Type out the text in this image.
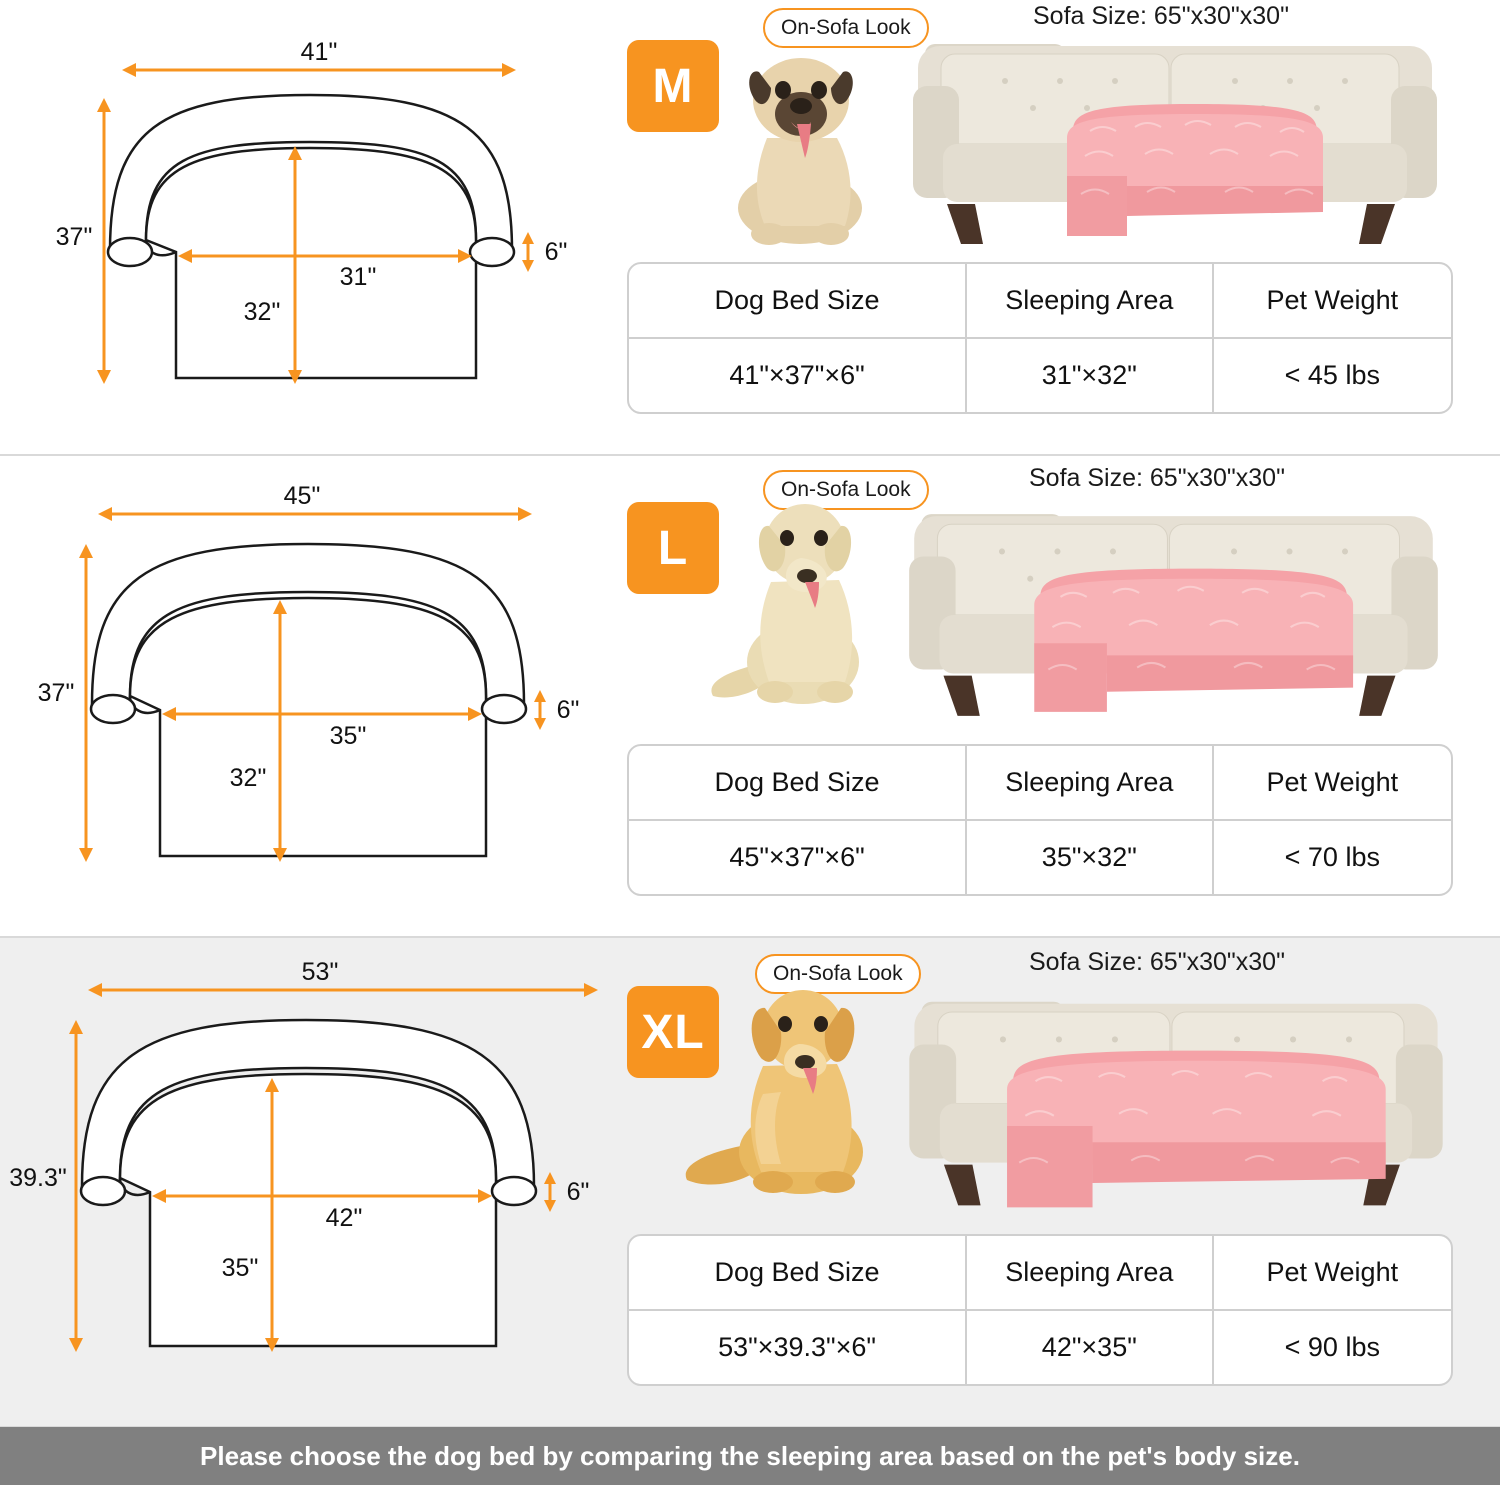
41"
37"
32"
31"
6"
M
On-Sofa Look	Sofa Size: 65"x30"x30"
Dog Bed Size	Sleeping Area	Pet Weight
41"×37"×6"	31"×32"	< 45 lbs
45"
37"
32"
35"
6"
L
On-Sofa Look	Sofa Size: 65"x30"x30"
Dog Bed Size	Sleeping Area	Pet Weight
45"×37"×6"	35"×32"	< 70 lbs
53"
39.3"
35"
42"
6"
XL
On-Sofa Look	Sofa Size: 65"x30"x30"
Dog Bed Size	Sleeping Area	Pet Weight
53"×39.3"×6"	42"×35"	< 90 lbs
Please choose the dog bed by comparing the sleeping area based on the pet's body size.
